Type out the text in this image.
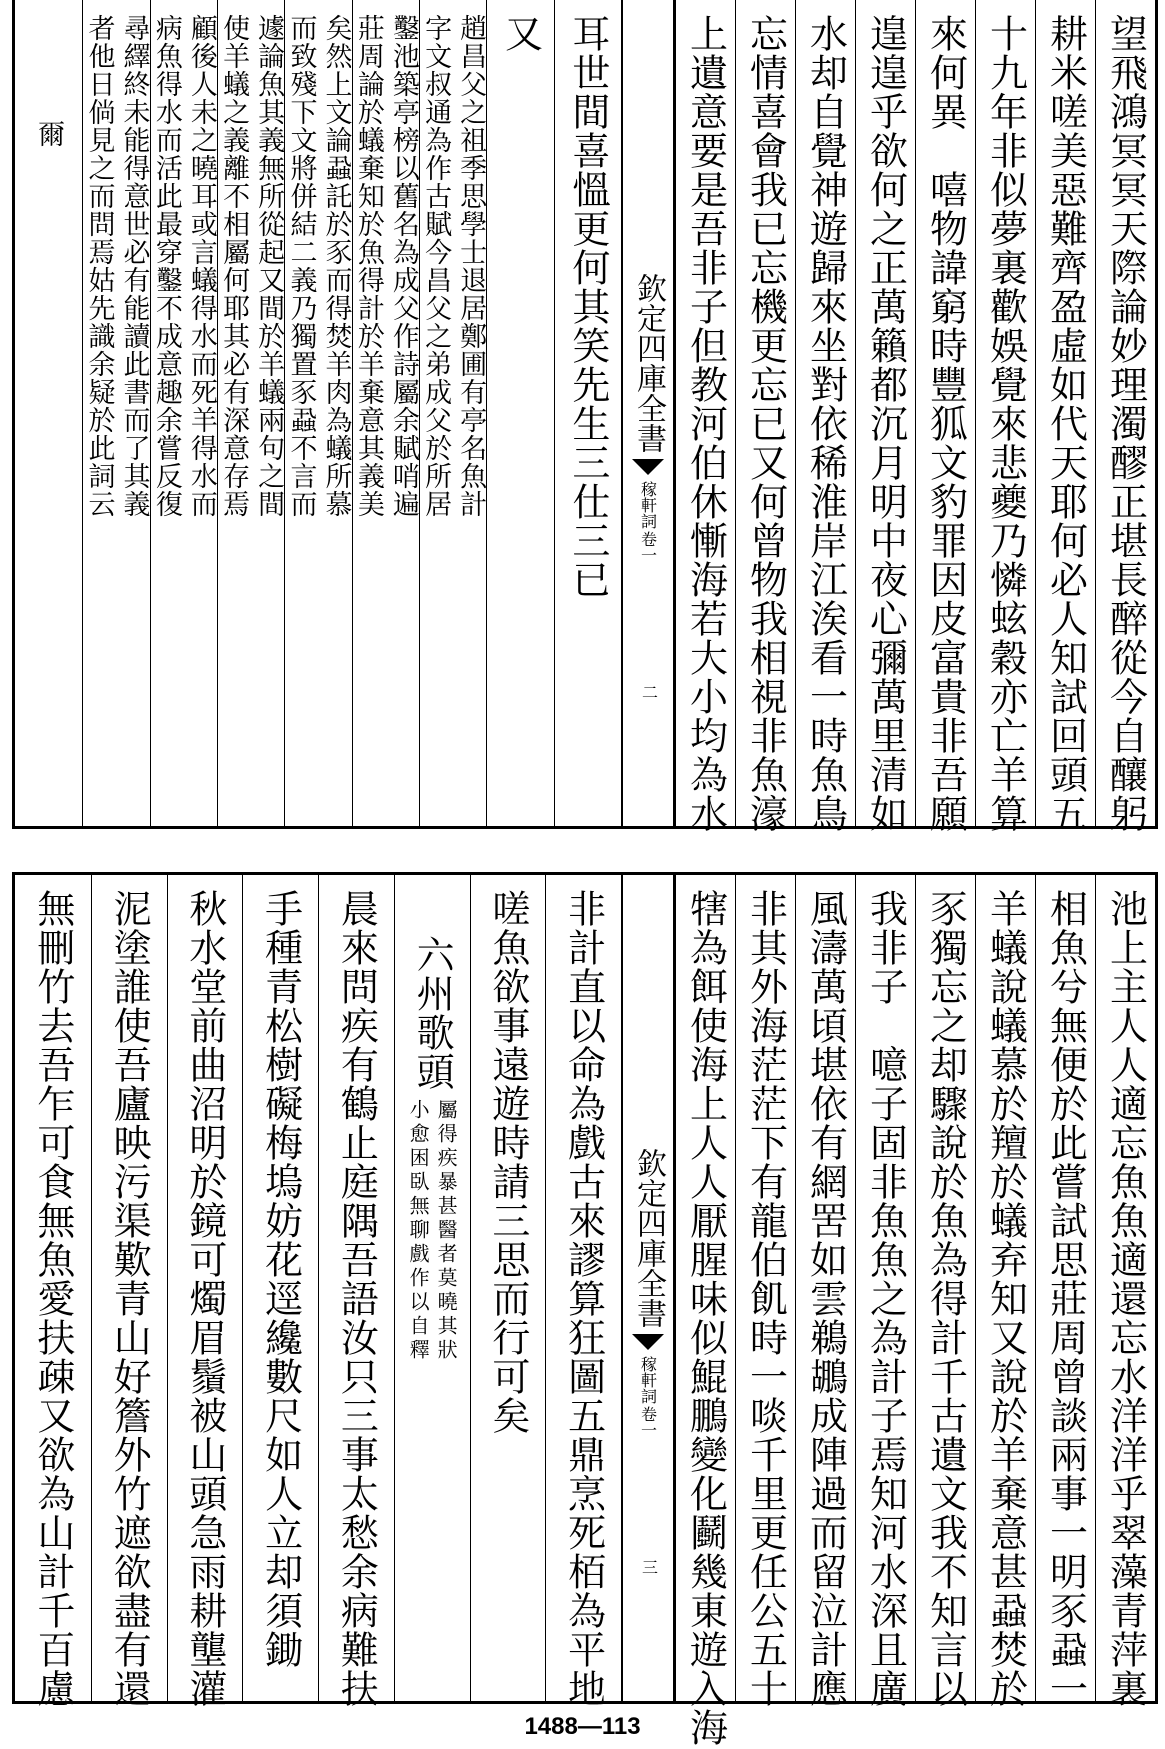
望飛鴻冥冥天際論妙理濁醪正堪長醉從今自釀躬
耕米嗟美惡難齊盈虛如代天耶何必人知試回頭五
十九年非似夢裏歡娛覺來悲夔乃憐蚿穀亦亡羊算
來何異　嘻物諱窮時豐狐文豹罪因皮富貴非吾願
遑遑乎欲何之正萬籟都沉月明中夜心彌萬里清如
水却自覺神遊歸來坐對依稀淮岸江涘看一時魚鳥
忘情喜會我已忘機更忘已又何曾物我相視非魚濠
上遺意要是吾非子但教河伯休慚海若大小均為水
欽定四庫全書
稼軒詞
卷一
二
耳世間喜慍更何其笑先生三仕三已
又
趙昌父之祖季思學士退居鄭圃有亭名魚計
字文叔通為作古賦今昌父之弟成父於所居
鑿池築亭榜以舊名為成父作詩屬余賦哨遍
莊周論於蟻棄知於魚得計於羊棄意其義美
矣然上文論蝨託於豕而得焚羊肉為蟻所慕
而致殘下文將併結二義乃獨置豕蝨不言而
遽論魚其義無所從起又間於羊蟻兩句之間
使羊蟻之義離不相屬何耶其必有深意存焉
顧後人未之曉耳或言蟻得水而死羊得水而
病魚得水而活此最穿鑿不成意趣余嘗反復
尋繹終未能得意世必有能讀此書而了其義
者他日倘見之而問焉姑先識余疑於此詞云
爾
池上主人人適忘魚魚適還忘水洋洋乎翠藻青萍裏
相魚兮無便於此嘗試思莊周曾談兩事一明豕蝨一
羊蟻說蟻慕於羶於蟻弃知又說於羊棄意甚蝨焚於
豕獨忘之却驟說於魚為得計千古遺文我不知言以
我非子　噫子固非魚魚之為計子焉知河水深且廣
風濤萬頃堪依有網罟如雲鵜鶘成陣過而留泣計應
非其外海茫茫下有龍伯飢時一啖千里更任公五十
犗為餌使海上人人厭腥味似鯤鵬變化鬬幾東遊入海
欽定四庫全書
稼軒詞
卷一
三
非計直以命為戲古來謬算狂圖五鼎烹死栢為平地
嗟魚欲事遠遊時請三思而行可矣
六州歌頭
屬得疾暴甚醫者莫曉其狀
小愈困臥無聊戲作以自釋
晨來問疾有鶴止庭隅吾語汝只三事太愁余病難扶
手種青松樹礙梅塢妨花逕纔數尺如人立却須鋤
秋水堂前曲沼明於鏡可燭眉鬚被山頭急雨耕壟灌
泥塗誰使吾廬映污渠歎青山好簷外竹遮欲盡有還
無刪竹去吾乍可食無魚愛扶疎又欲為山計千百慮
1488—113
